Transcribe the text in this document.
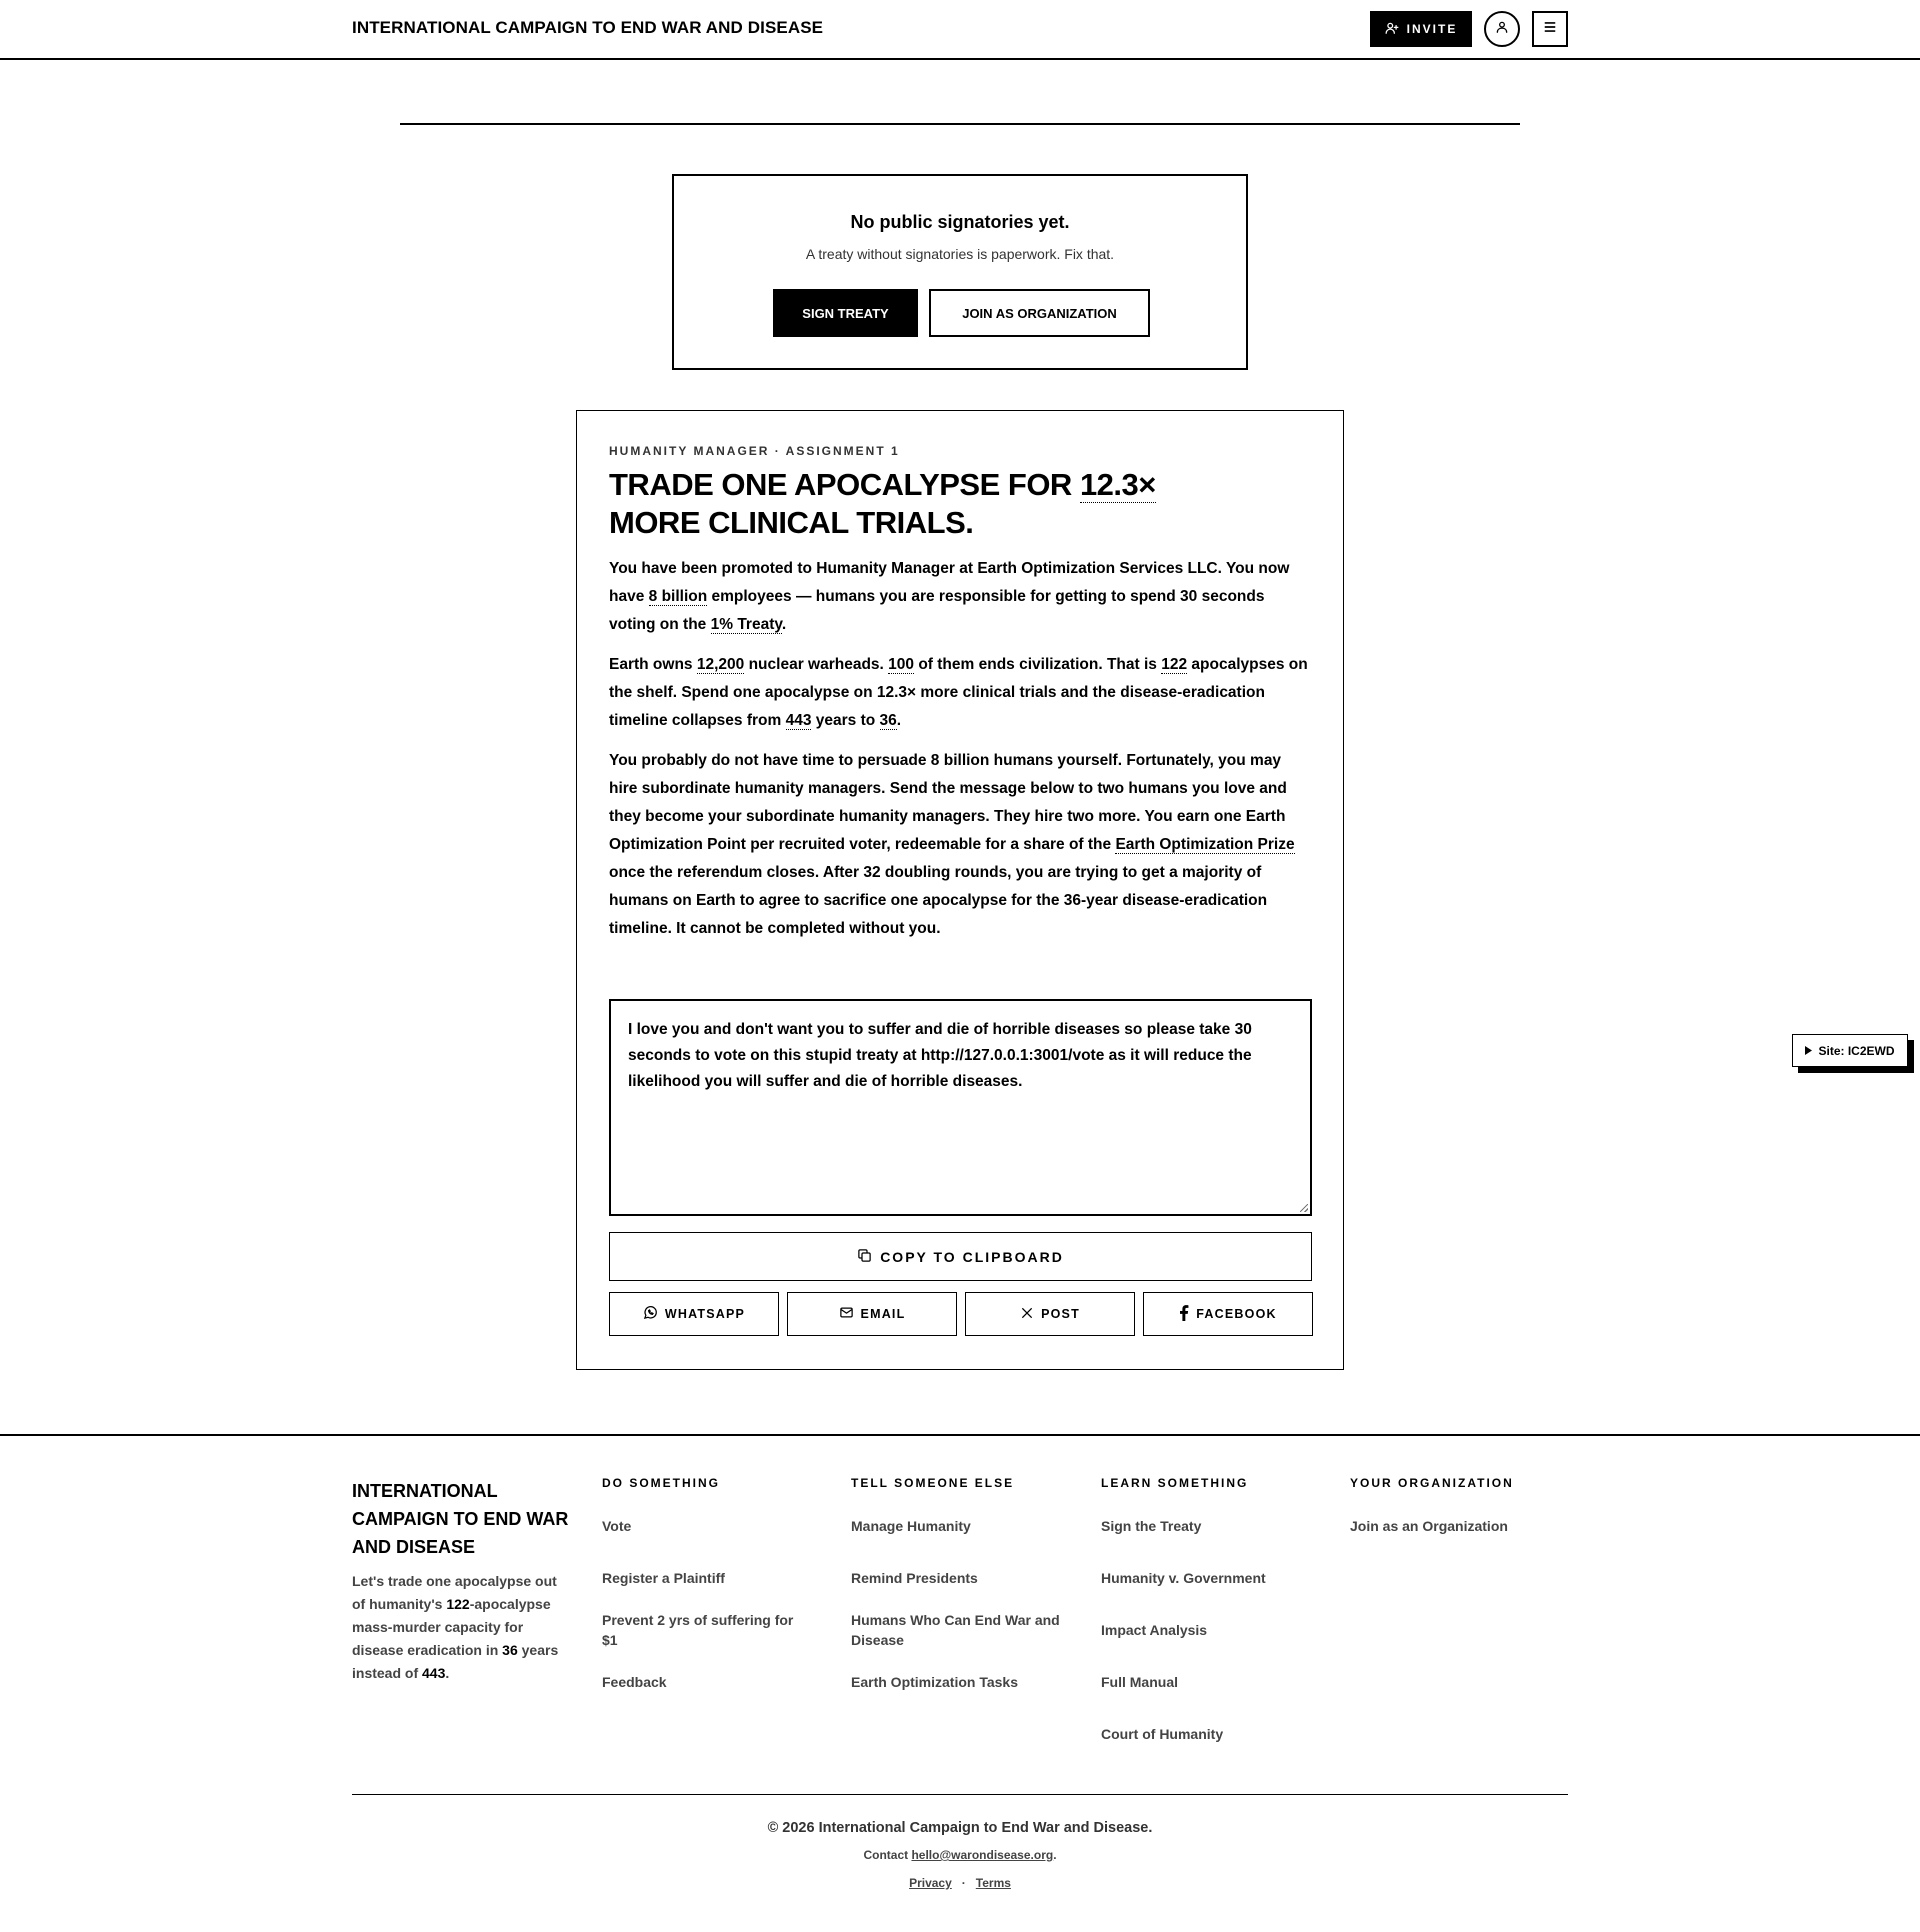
INTERNATIONAL CAMPAIGN TO END WAR AND DISEASE	INVITE
No public signatories yet.
A treaty without signatories is paperwork. Fix that.
SIGN TREATY	JOIN AS ORGANIZATION
HUMANITY MANAGER · ASSIGNMENT 1
TRADE ONE APOCALYPSE FOR 12.3× MORE CLINICAL TRIALS.
You have been promoted to Humanity Manager at Earth Optimization Services LLC. You now have 8 billion employees — humans you are responsible for getting to spend 30 seconds voting on the 1% Treaty.
Earth owns 12,200 nuclear warheads. 100 of them ends civilization. That is 122 apocalypses on the shelf. Spend one apocalypse on 12.3× more clinical trials and the disease-eradication timeline collapses from 443 years to 36.
You probably do not have time to persuade 8 billion humans yourself. Fortunately, you may hire subordinate humanity managers. Send the message below to two humans you love and they become your subordinate humanity managers. They hire two more. You earn one Earth Optimization Point per recruited voter, redeemable for a share of the Earth Optimization Prize once the referendum closes. After 32 doubling rounds, you are trying to get a majority of humans on Earth to agree to sacrifice one apocalypse for the 36-year disease-eradication timeline. It cannot be completed without you.
I love you and don't want you to suffer and die of horrible diseases so please take 30 seconds to vote on this stupid treaty at http://127.0.0.1:3001/vote as it will reduce the likelihood you will suffer and die of horrible diseases.
COPY TO CLIPBOARD
WHATSAPP	EMAIL	POST	FACEBOOK
Site: IC2EWD
INTERNATIONAL CAMPAIGN TO END WAR AND DISEASE
Let's trade one apocalypse out of humanity's 122-apocalypse mass-murder capacity for disease eradication in 36 years instead of 443.
DO SOMETHING
Vote
Register a Plaintiff
Prevent 2 yrs of suffering for $1
Feedback
TELL SOMEONE ELSE
Manage Humanity
Remind Presidents
Humans Who Can End War and Disease
Earth Optimization Tasks
LEARN SOMETHING
Sign the Treaty
Humanity v. Government
Impact Analysis
Full Manual
Court of Humanity
YOUR ORGANIZATION
Join as an Organization
© 2026 International Campaign to End War and Disease.
Contact hello@warondisease.org.
Privacy · Terms
